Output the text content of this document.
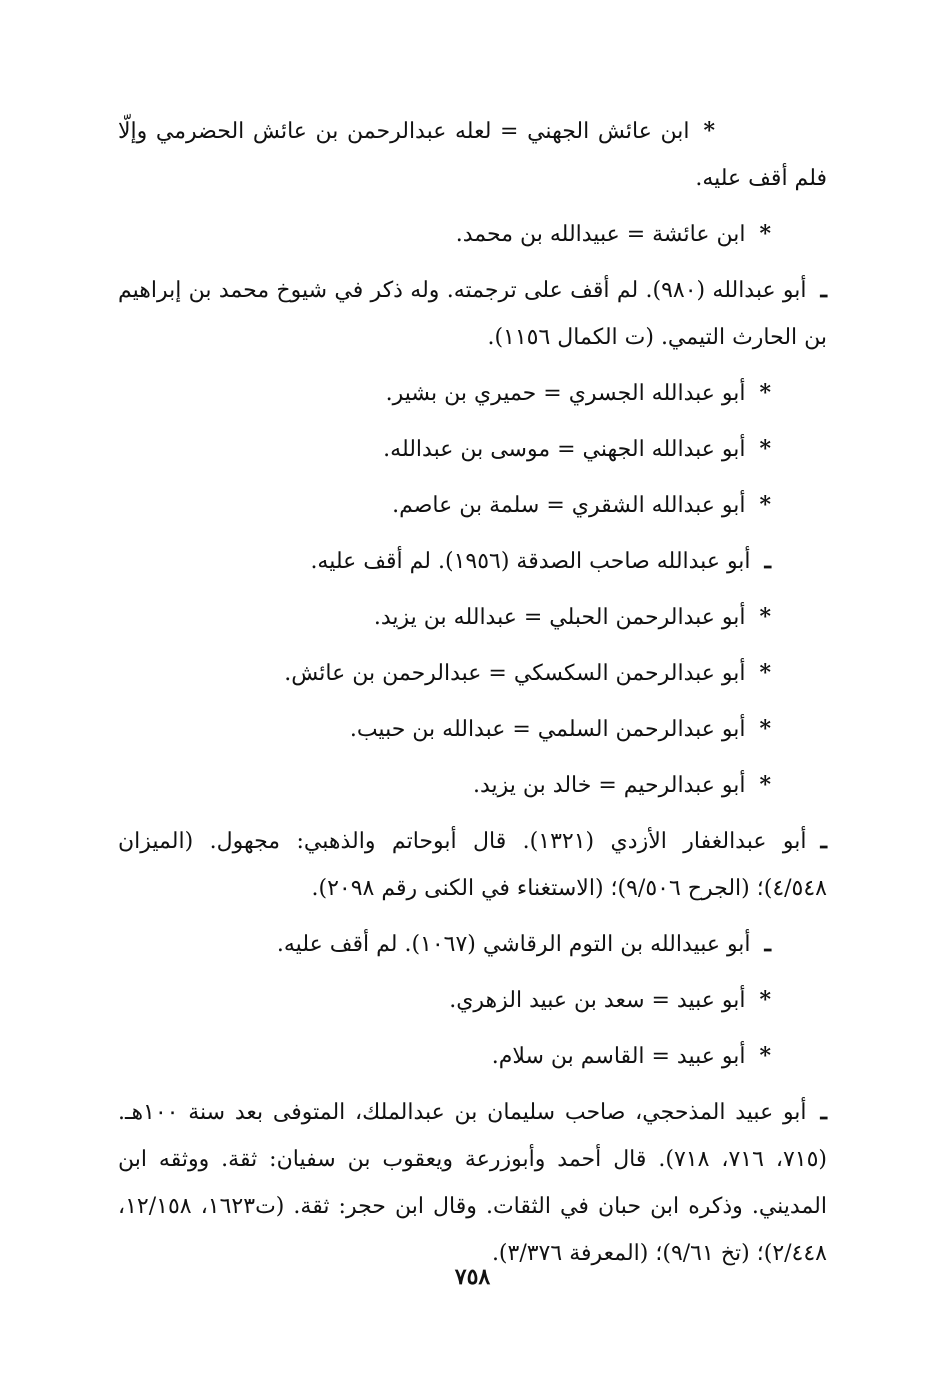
*ابن عائش الجهني = لعله عبدالرحمن بن عائش الحضرمي وإلّا فلم أقف عليه.

*ابن عائشة = عبيدالله بن محمد.

ـأبو عبدالله (٩٨٠). لم أقف على ترجمته. وله ذكر في شيوخ محمد بن إبراهيم بن الحارث التيمي. (ت الكمال ١١٥٦).

*أبو عبدالله الجسري = حميري بن بشير.

*أبو عبدالله الجهني = موسى بن عبدالله.

*أبو عبدالله الشقري = سلمة بن عاصم.

ـأبو عبدالله صاحب الصدقة (١٩٥٦). لم أقف عليه.

*أبو عبدالرحمن الحبلي = عبدالله بن يزيد.

*أبو عبدالرحمن السكسكي = عبدالرحمن بن عائش.

*أبو عبدالرحمن السلمي = عبدالله بن حبيب.

*أبو عبدالرحيم = خالد بن يزيد.

ـأبو عبدالغفار الأزدي (١٣٢١). قال أبوحاتم والذهبي: مجهول. (الميزان ٤/٥٤٨)؛ (الجرح ٩/٥٠٦)؛ (الاستغناء في الكنى رقم ٢٠٩٨).

ـأبو عبيدالله بن التوم الرقاشي (١٠٦٧). لم أقف عليه.

*أبو عبيد = سعد بن عبيد الزهري.

*أبو عبيد = القاسم بن سلام.

ـأبو عبيد المذحجي، صاحب سليمان بن عبدالملك، المتوفى بعد سنة ١٠٠هـ. (٧١٥، ٧١٦، ٧١٨). قال أحمد وأبوزرعة ويعقوب بن سفيان: ثقة. ووثقه ابن المديني. وذكره ابن حبان في الثقات. وقال ابن حجر: ثقة. (ت١٦٢٣، ١٢/١٥٨، ٢/٤٤٨)؛ (تخ ٩/٦١)؛ (المعرفة ٣/٣٧٦).

٧٥٨
